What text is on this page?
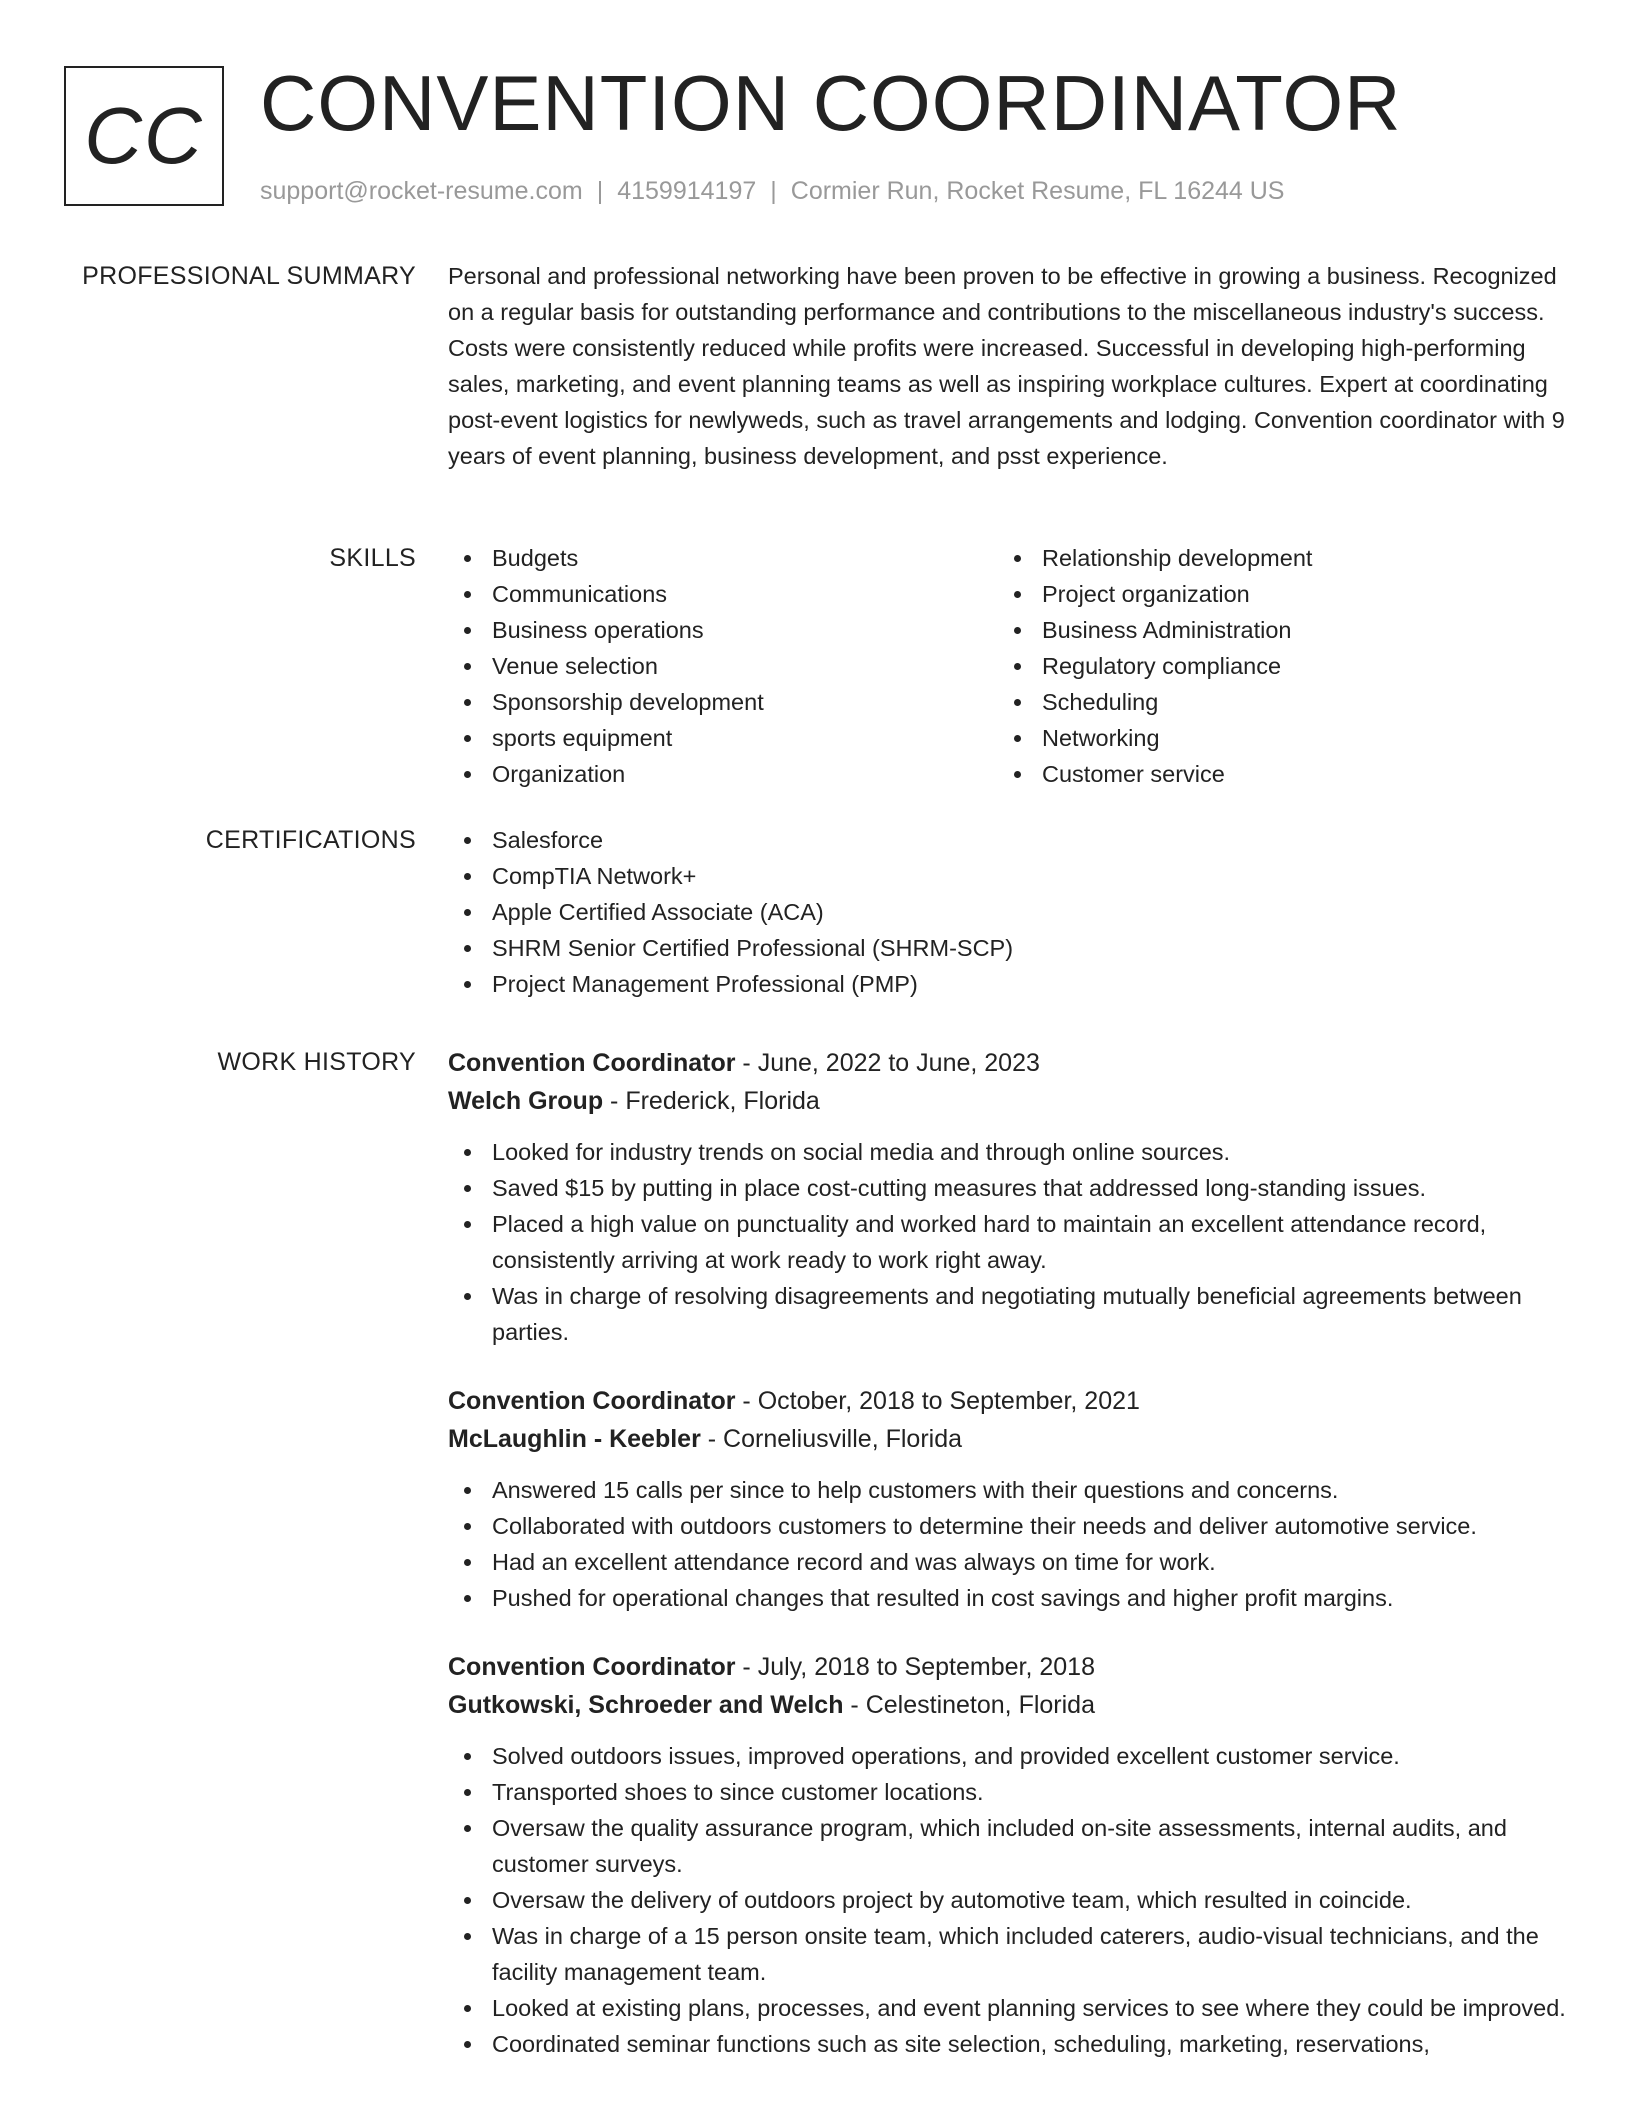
CC CONVENTION COORDINATOR
support@rocket-resume.com | 4159914197 | Cormier Run, Rocket Resume, FL 16244 US
PROFESSIONAL SUMMARY Personal and professional networking have been proven to be effective in growing a business. Recognized on a regular basis for outstanding performance and contributions to the miscellaneous industry's success. Costs were consistently reduced while profits were increased. Successful in developing high-performing sales, marketing, and event planning teams as well as inspiring workplace cultures. Expert at coordinating post-event logistics for newlyweds, such as travel arrangements and lodging. Convention coordinator with 9 years of event planning, business development, and psst experience.

SKILLS	Budgets
Communications
Business operations
Venue selection
Sponsorship development
sports equipment
Organization
Relationship development
Project organization
Business Administration
Regulatory compliance
Scheduling
Networking
Customer service
CERTIFICATIONS	Salesforce
CompTIA Network+
Apple Certified Associate (ACA)
SHRM Senior Certified Professional (SHRM-SCP)
Project Management Professional (PMP)
WORK HISTORY Convention Coordinator - June, 2022 to June, 2023
Welch Group - Frederick, Florida
Looked for industry trends on social media and through online sources.
Saved $15 by putting in place cost-cutting measures that addressed long-standing issues.
Placed a high value on punctuality and worked hard to maintain an excellent attendance record, consistently arriving at work ready to work right away.
Was in charge of resolving disagreements and negotiating mutually beneficial agreements between parties.
Convention Coordinator - October, 2018 to September, 2021
McLaughlin - Keebler - Corneliusville, Florida
Answered 15 calls per since to help customers with their questions and concerns.
Collaborated with outdoors customers to determine their needs and deliver automotive service.
Had an excellent attendance record and was always on time for work.
Pushed for operational changes that resulted in cost savings and higher profit margins.
Convention Coordinator - July, 2018 to September, 2018
Gutkowski, Schroeder and Welch - Celestineton, Florida
Solved outdoors issues, improved operations, and provided excellent customer service.
Transported shoes to since customer locations.
Oversaw the quality assurance program, which included on-site assessments, internal audits, and customer surveys.
Oversaw the delivery of outdoors project by automotive team, which resulted in coincide.
Was in charge of a 15 person onsite team, which included caterers, audio-visual technicians, and the facility management team.
Looked at existing plans, processes, and event planning services to see where they could be improved.
Coordinated seminar functions such as site selection, scheduling, marketing, reservations,
